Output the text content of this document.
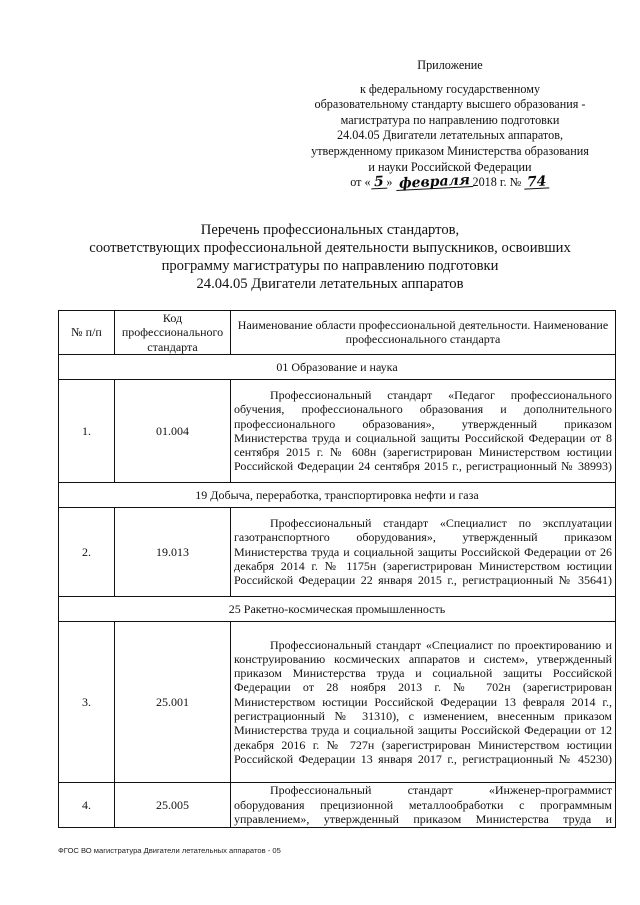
Приложение
к федеральному государственному
образовательному стандарту высшего образования -
магистратура по направлению подготовки
24.04.05 Двигатели летательных аппаратов,
утвержденному приказом Министерства образования
и науки Российской Федерации
от « 5 » февраля 2018 г. № 74
Перечень профессиональных стандартов,
соответствующих профессиональной деятельности выпускников, освоивших
программу магистратуры по направлению подготовки
24.04.05 Двигатели летательных аппаратов
№ п/п	Код профессионального стандарта	Наименование области профессиональной деятельности. Наименование профессионального стандарта
01 Образование и наука		
1.	01.004	Профессиональный стандарт «Педагог профессионального обучения, профессионального образования и дополнительного профессионального образования», утвержденный приказом Министерства труда и социальной защиты Российской Федерации от 8 сентября 2015 г. № 608н (зарегистрирован Министерством юстиции Российской Федерации 24 сентября 2015 г., регистрационный № 38993)

19 Добыча, переработка, транспортировка нефти и газа		
2.	19.013	Профессиональный стандарт «Специалист по эксплуатации газотранспортного оборудования», утвержденный приказом Министерства труда и социальной защиты Российской Федерации от 26 декабря 2014 г. № 1175н (зарегистрирован Министерством юстиции Российской Федерации 22 января 2015 г., регистрационный № 35641)

25 Ракетно-космическая промышленность		
3.	25.001	Профессиональный стандарт «Специалист по проектированию и конструированию космических аппаратов и систем», утвержденный приказом Министерства труда и социальной защиты Российской Федерации от 28 ноября 2013 г. № 702н (зарегистрирован Министерством юстиции Российской Федерации 13 февраля 2014 г., регистрационный № 31310), с изменением, внесенным приказом Министерства труда и социальной защиты Российской Федерации от 12 декабря 2016 г. № 727н (зарегистрирован Министерством юстиции Российской Федерации 13 января 2017 г., регистрационный № 45230)

4.	25.005	Профессиональный стандарт «Инженер-программист оборудования прецизионной металлообработки с программным управлением», утвержденный приказом Министерства труда и
ФГОС ВО магистратура Двигатели летательных аппаратов - 05
